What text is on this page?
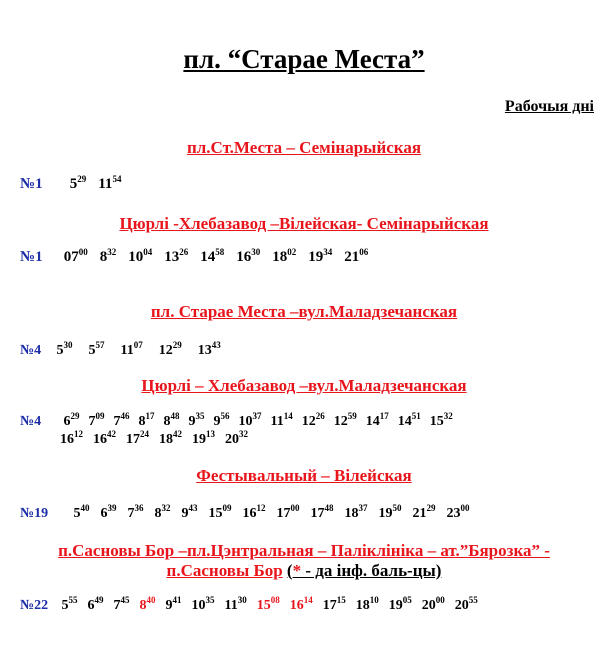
пл. “Старае Места”
Рабочыя дні
пл.Ст.Места – Семінарыйская
№1 $5^{29}$ $11^{54}$
Цюрлі -Хлебазавод –Вілейская- Семінарыйская
№1 $07^{00}$ $8^{32}$ $10^{04}$ $13^{26}$ $14^{58}$ $16^{30}$ $18^{02}$ $19^{34}$ $21^{06}$
пл. Старае Места –вул.Маладзечанская
№4 $5^{30}$ $5^{57}$ $11^{07}$ $12^{29}$ $13^{43}$
Цюрлі – Хлебазавод –вул.Маладзечанская
№4 $6^{29}$ $7^{09}$ $7^{46}$ $8^{17}$ $8^{48}$ $9^{35}$ $9^{56}$ $10^{37}$ $11^{14}$ $12^{26}$ $12^{59}$ $14^{17}$ $14^{51}$ $15^{32}$
$16^{12}$ $16^{42}$ $17^{24}$ $18^{42}$ $19^{13}$ $20^{32}$
Фестывальный – Вілейская
№19 $5^{40}$ $6^{39}$ $7^{36}$ $8^{32}$ $9^{43}$ $15^{09}$ $16^{12}$ $17^{00}$ $17^{48}$ $18^{37}$ $19^{50}$ $21^{29}$ $23^{00}$
п.Сасновы Бор –пл.Цэнтральная – Паліклініка – ат.”Бярозка” -
п.Сасновы Бор (* - да інф. баль-цы)
№22 $5^{55}$ $6^{49}$ $7^{45}$ $8^{40}$ $9^{41}$ $10^{35}$ $11^{30}$ $15^{08}$ $16^{14}$ $17^{15}$ $18^{10}$ $19^{05}$ $20^{00}$ $20^{55}$
